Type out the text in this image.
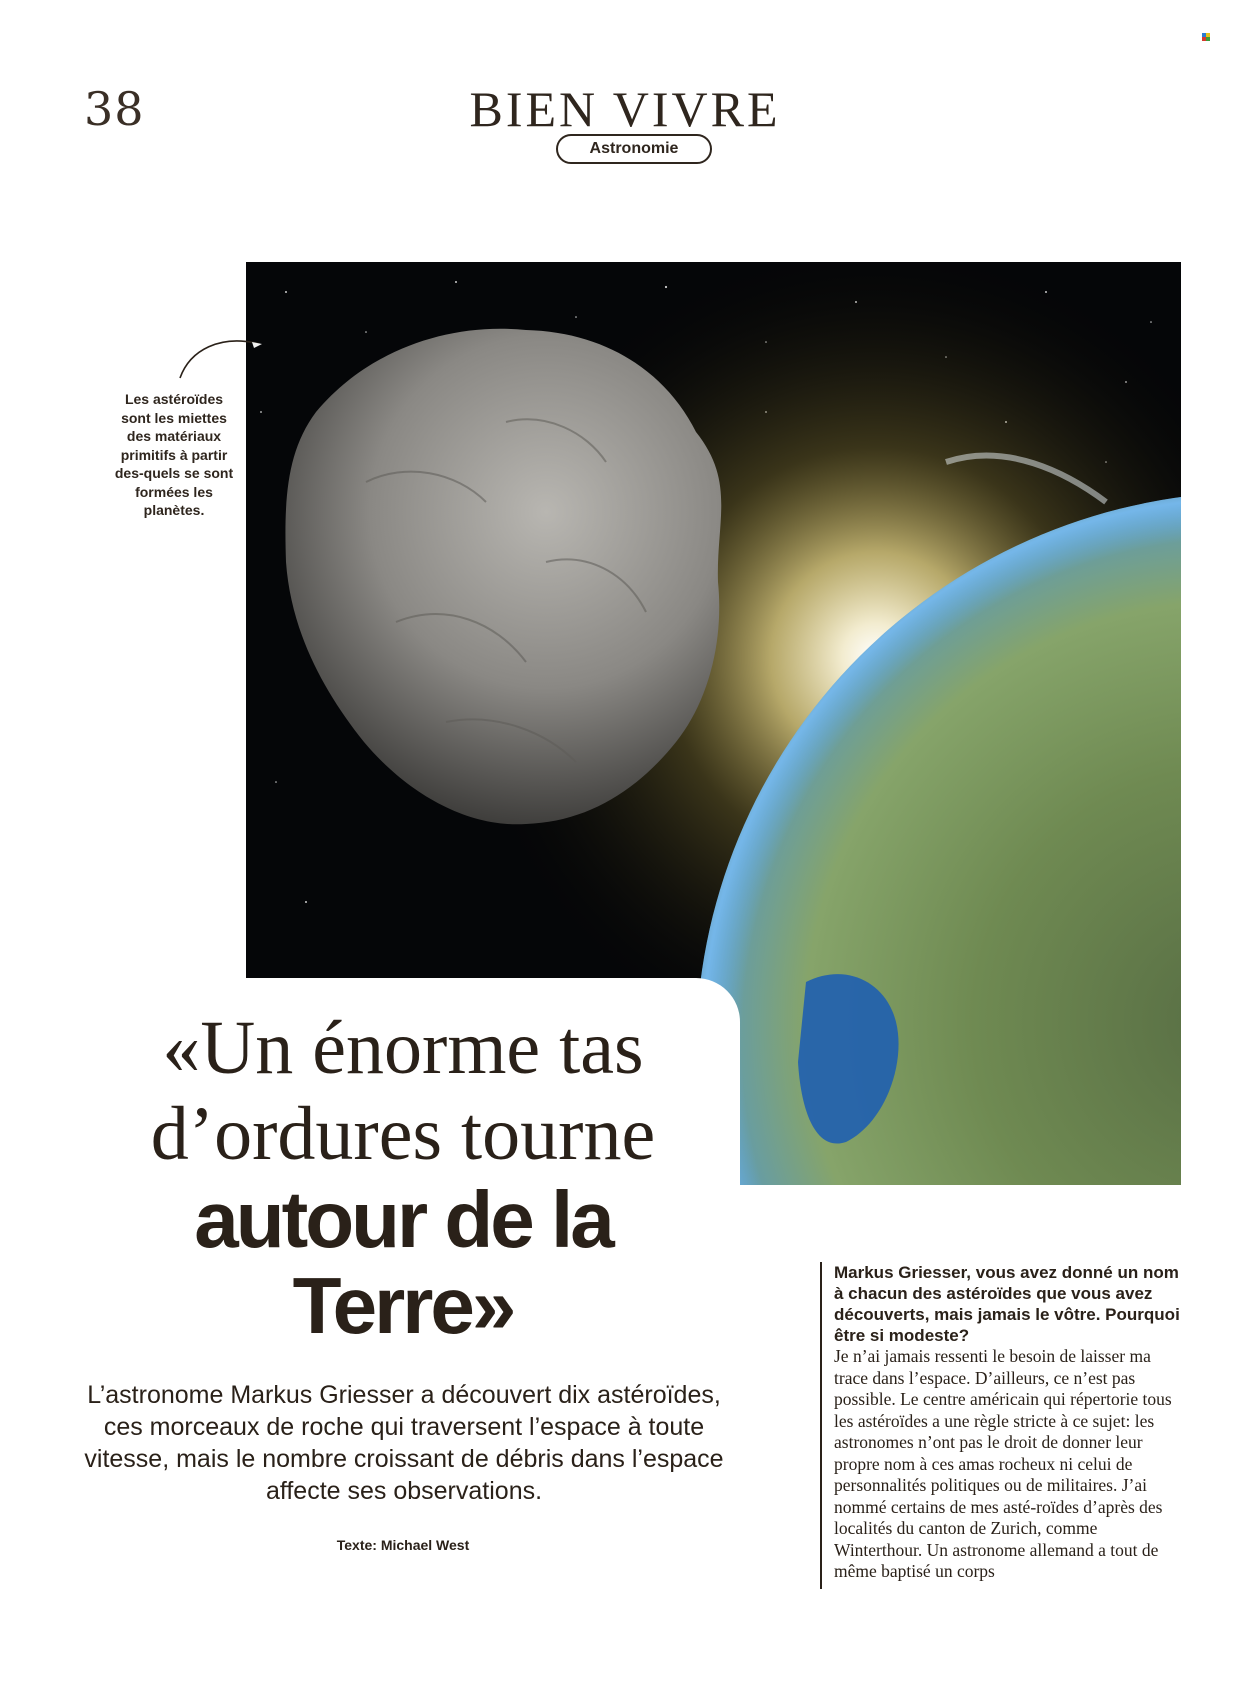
38	BIEN VIVRE
Astronomie
Les astéroïdes sont les miettes des matériaux primitifs à partir des-quels se sont formées les planètes.
«Un énorme tas
d’ordures tourne
autour de la
Terre»
L’astronome Markus Griesser a découvert dix astéroïdes, ces morceaux de roche qui traversent l’espace à toute vitesse, mais le nombre croissant de débris dans l’espace affecte ses observations.
Texte: Michael West
Markus Griesser, vous avez donné un nom à chacun des astéroïdes que vous avez découverts, mais jamais le vôtre. Pourquoi être si modeste?
Je n’ai jamais ressenti le besoin de laisser ma trace dans l’espace. D’ailleurs, ce n’est pas possible. Le centre américain qui répertorie tous les astéroïdes a une règle stricte à ce sujet: les astronomes n’ont pas le droit de donner leur propre nom à ces amas rocheux ni celui de personnalités politiques ou de militaires. J’ai nommé certains de mes asté-roïdes d’après des localités du canton de Zurich, comme Winterthour. Un astronome allemand a tout de même baptisé un corps
